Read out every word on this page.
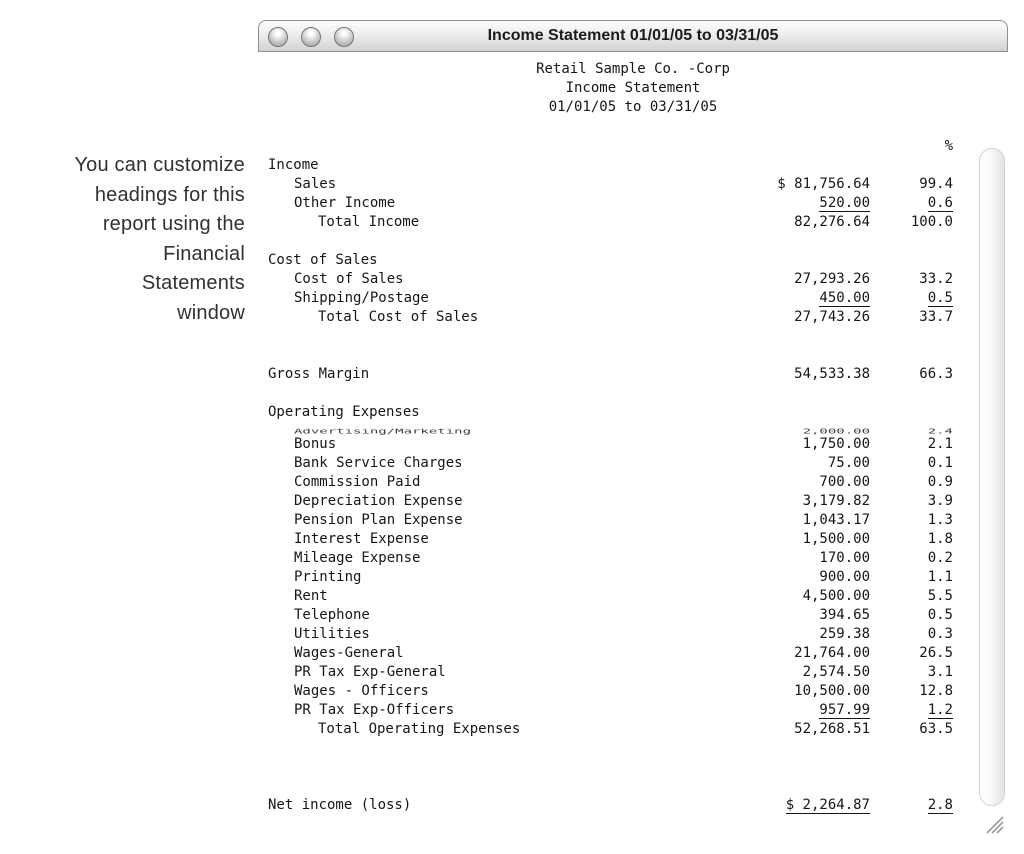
You can customize
headings for this
report using the
Financial
Statements
window
Income Statement 01/01/05 to 03/31/05
Retail Sample Co. -Corp
Income Statement
01/01/05 to 03/31/05
%
Income
Sales	$ 81,756.64	99.4
Other Income	520.00	0.6
Total Income	82,276.64	100.0
Cost of Sales
Cost of Sales	27,293.26	33.2
Shipping/Postage	450.00	0.5
Total Cost of Sales	27,743.26	33.7
Gross Margin	54,533.38	66.3
Operating Expenses
Advertising/Marketing	2,000.00	2.4
Bonus	1,750.00	2.1
Bank Service Charges	75.00	0.1
Commission Paid	700.00	0.9
Depreciation Expense	3,179.82	3.9
Pension Plan Expense	1,043.17	1.3
Interest Expense	1,500.00	1.8
Mileage Expense	170.00	0.2
Printing	900.00	1.1
Rent	4,500.00	5.5
Telephone	394.65	0.5
Utilities	259.38	0.3
Wages-General	21,764.00	26.5
PR Tax Exp-General	2,574.50	3.1
Wages - Officers	10,500.00	12.8
PR Tax Exp-Officers	957.99	1.2
Total Operating Expenses	52,268.51	63.5
Net income (loss)	$ 2,264.87	2.8
